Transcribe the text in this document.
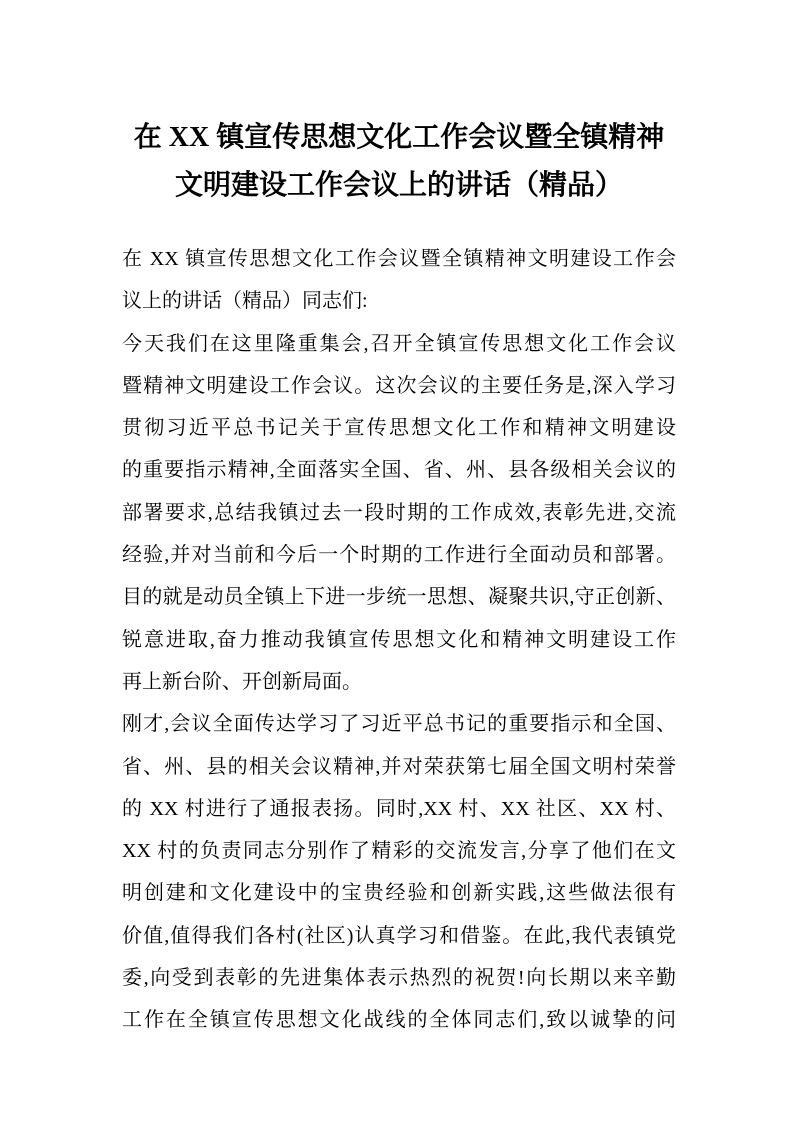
在 XX 镇宣传思想文化工作会议暨全镇精神
文明建设工作会议上的讲话（精品）
在 XX 镇宣传思想文化工作会议暨全镇精神文明建设工作会
议上的讲话（精品）同志们:
今天我们在这里隆重集会,召开全镇宣传思想文化工作会议
暨精神文明建设工作会议。这次会议的主要任务是,深入学习
贯彻习近平总书记关于宣传思想文化工作和精神文明建设
的重要指示精神,全面落实全国、省、州、县各级相关会议的
部署要求,总结我镇过去一段时期的工作成效,表彰先进,交流
经验,并对当前和今后一个时期的工作进行全面动员和部署。
目的就是动员全镇上下进一步统一思想、凝聚共识,守正创新、
锐意进取,奋力推动我镇宣传思想文化和精神文明建设工作
再上新台阶、开创新局面。
刚才,会议全面传达学习了习近平总书记的重要指示和全国、
省、州、县的相关会议精神,并对荣获第七届全国文明村荣誉
的 XX 村进行了通报表扬。同时,XX 村、XX 社区、XX 村、
XX 村的负责同志分别作了精彩的交流发言,分享了他们在文
明创建和文化建设中的宝贵经验和创新实践,这些做法很有
价值,值得我们各村(社区)认真学习和借鉴。在此,我代表镇党
委,向受到表彰的先进集体表示热烈的祝贺!向长期以来辛勤
工作在全镇宣传思想文化战线的全体同志们,致以诚挚的问
